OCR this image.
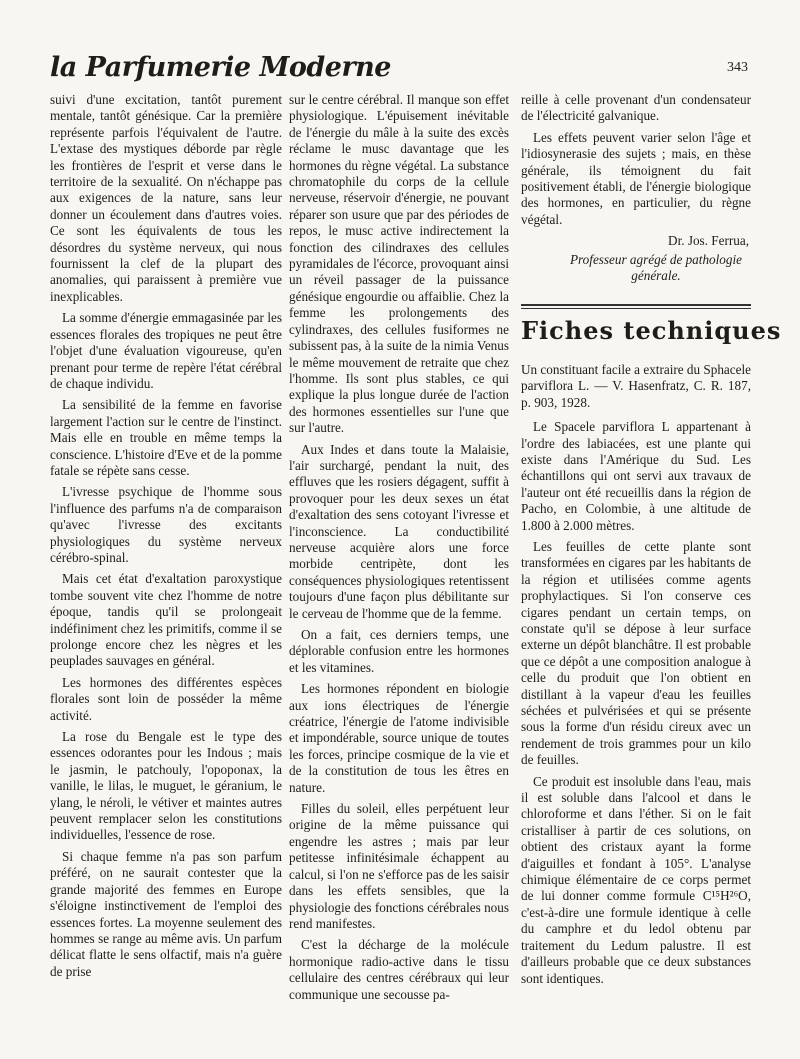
la Parfumerie Moderne	343

suivi d'une excitation, tantôt purement mentale, tantôt génésique. Car la première représente parfois l'équivalent de l'autre. L'extase des mystiques déborde par règle les frontières de l'esprit et verse dans le territoire de la sexualité. On n'échappe pas aux exigences de la nature, sans leur donner un écoulement dans d'autres voies. Ce sont les équivalents de tous les désordres du système nerveux, qui nous fournissent la clef de la plupart des anomalies, qui paraissent à première vue inexplicables.

La somme d'énergie emmagasinée par les essences florales des tropiques ne peut être l'objet d'une évaluation vigoureuse, qu'en prenant pour terme de repère l'état cérébral de chaque individu.

La sensibilité de la femme en favorise largement l'action sur le centre de l'instinct. Mais elle en trouble en même temps la conscience. L'histoire d'Eve et de la pomme fatale se répète sans cesse.

L'ivresse psychique de l'homme sous l'influence des parfums n'a de comparaison qu'avec l'ivresse des excitants physiologiques du système nerveux cérébro-spinal.

Mais cet état d'exaltation paroxystique tombe souvent vite chez l'homme de notre époque, tandis qu'il se prolongeait indéfiniment chez les primitifs, comme il se prolonge encore chez les nègres et les peuplades sauvages en général.

Les hormones des différentes espèces florales sont loin de posséder la même activité.

La rose du Bengale est le type des essences odorantes pour les Indous ; mais le jasmin, le patchouly, l'opoponax, la vanille, le lilas, le muguet, le géranium, le ylang, le néroli, le vétiver et maintes autres peuvent remplacer selon les constitutions individuelles, l'essence de rose.

Si chaque femme n'a pas son parfum préféré, on ne saurait contester que la grande majorité des femmes en Europe s'éloigne instinctivement de l'emploi des essences fortes. La moyenne seulement des hommes se range au même avis. Un parfum délicat flatte le sens olfactif, mais n'a guère de prise

sur le centre cérébral. Il manque son effet physiologique. L'épuisement inévitable de l'énergie du mâle à la suite des excès réclame le musc davantage que les hormones du règne végétal. La substance chromatophile du corps de la cellule nerveuse, réservoir d'énergie, ne pouvant réparer son usure que par des périodes de repos, le musc active indirectement la fonction des cilindraxes des cellules pyramidales de l'écorce, provoquant ainsi un réveil passager de la puissance génésique engourdie ou affaiblie. Chez la femme les prolongements des cylindraxes, des cellules fusiformes ne subissent pas, à la suite de la nimia Venus le même mouvement de retraite que chez l'homme. Ils sont plus stables, ce qui explique la plus longue durée de l'action des hormones essentielles sur l'une que sur l'autre.

Aux Indes et dans toute la Malaisie, l'air surchargé, pendant la nuit, des effluves que les rosiers dégagent, suffit à provoquer pour les deux sexes un état d'exaltation des sens cotoyant l'ivresse et l'inconscience. La conductibilité nerveuse acquière alors une force morbide centripète, dont les conséquences physiologiques retentissent toujours d'une façon plus débilitante sur le cerveau de l'homme que de la femme.

On a fait, ces derniers temps, une déplorable confusion entre les hormones et les vitamines.

Les hormones répondent en biologie aux ions électriques de l'énergie créatrice, l'énergie de l'atome indivisible et impondérable, source unique de toutes les forces, principe cosmique de la vie et de la constitution de tous les êtres en nature.

Filles du soleil, elles perpétuent leur origine de la même puissance qui engendre les astres ; mais par leur petitesse infinitésimale échappent au calcul, si l'on ne s'efforce pas de les saisir dans les effets sensibles, que la physiologie des fonctions cérébrales nous rend manifestes.

C'est la décharge de la molécule hormonique radio-active dans le tissu cellulaire des centres cérébraux qui leur communique une secousse pa-

reille à celle provenant d'un condensateur de l'électricité galvanique.

Les effets peuvent varier selon l'âge et l'idiosynerasie des sujets ; mais, en thèse générale, ils témoignent du fait positivement établi, de l'énergie biologique des hormones, en particulier, du règne végétal.

Dr. Jos. Ferrua,
Professeur agrégé de pathologie générale.
Fiches techniques

Un constituant facile a extraire du Sphacele parviflora L. — V. Hasenfratz, C. R. 187, p. 903, 1928.

Le Spacele parviflora L appartenant à l'ordre des labiacées, est une plante qui existe dans l'Amérique du Sud. Les échantillons qui ont servi aux travaux de l'auteur ont été recueillis dans la région de Pacho, en Colombie, à une altitude de 1.800 à 2.000 mètres.

Les feuilles de cette plante sont transformées en cigares par les habitants de la région et utilisées comme agents prophylactiques. Si l'on conserve ces cigares pendant un certain temps, on constate qu'il se dépose à leur surface externe un dépôt blanchâtre. Il est probable que ce dépôt a une composition analogue à celle du produit que l'on obtient en distillant à la vapeur d'eau les feuilles séchées et pulvérisées et qui se présente sous la forme d'un résidu cireux avec un rendement de trois grammes pour un kilo de feuilles.

Ce produit est insoluble dans l'eau, mais il est soluble dans l'alcool et dans le chloroforme et dans l'éther. Si on le fait cristalliser à partir de ces solutions, on obtient des cristaux ayant la forme d'aiguilles et fondant à 105°. L'analyse chimique élémentaire de ce corps permet de lui donner comme formule C¹⁵H²⁶O, c'est-à-dire une formule identique à celle du camphre et du ledol obtenu par traitement du Ledum palustre. Il est d'ailleurs probable que ce deux substances sont identiques.
